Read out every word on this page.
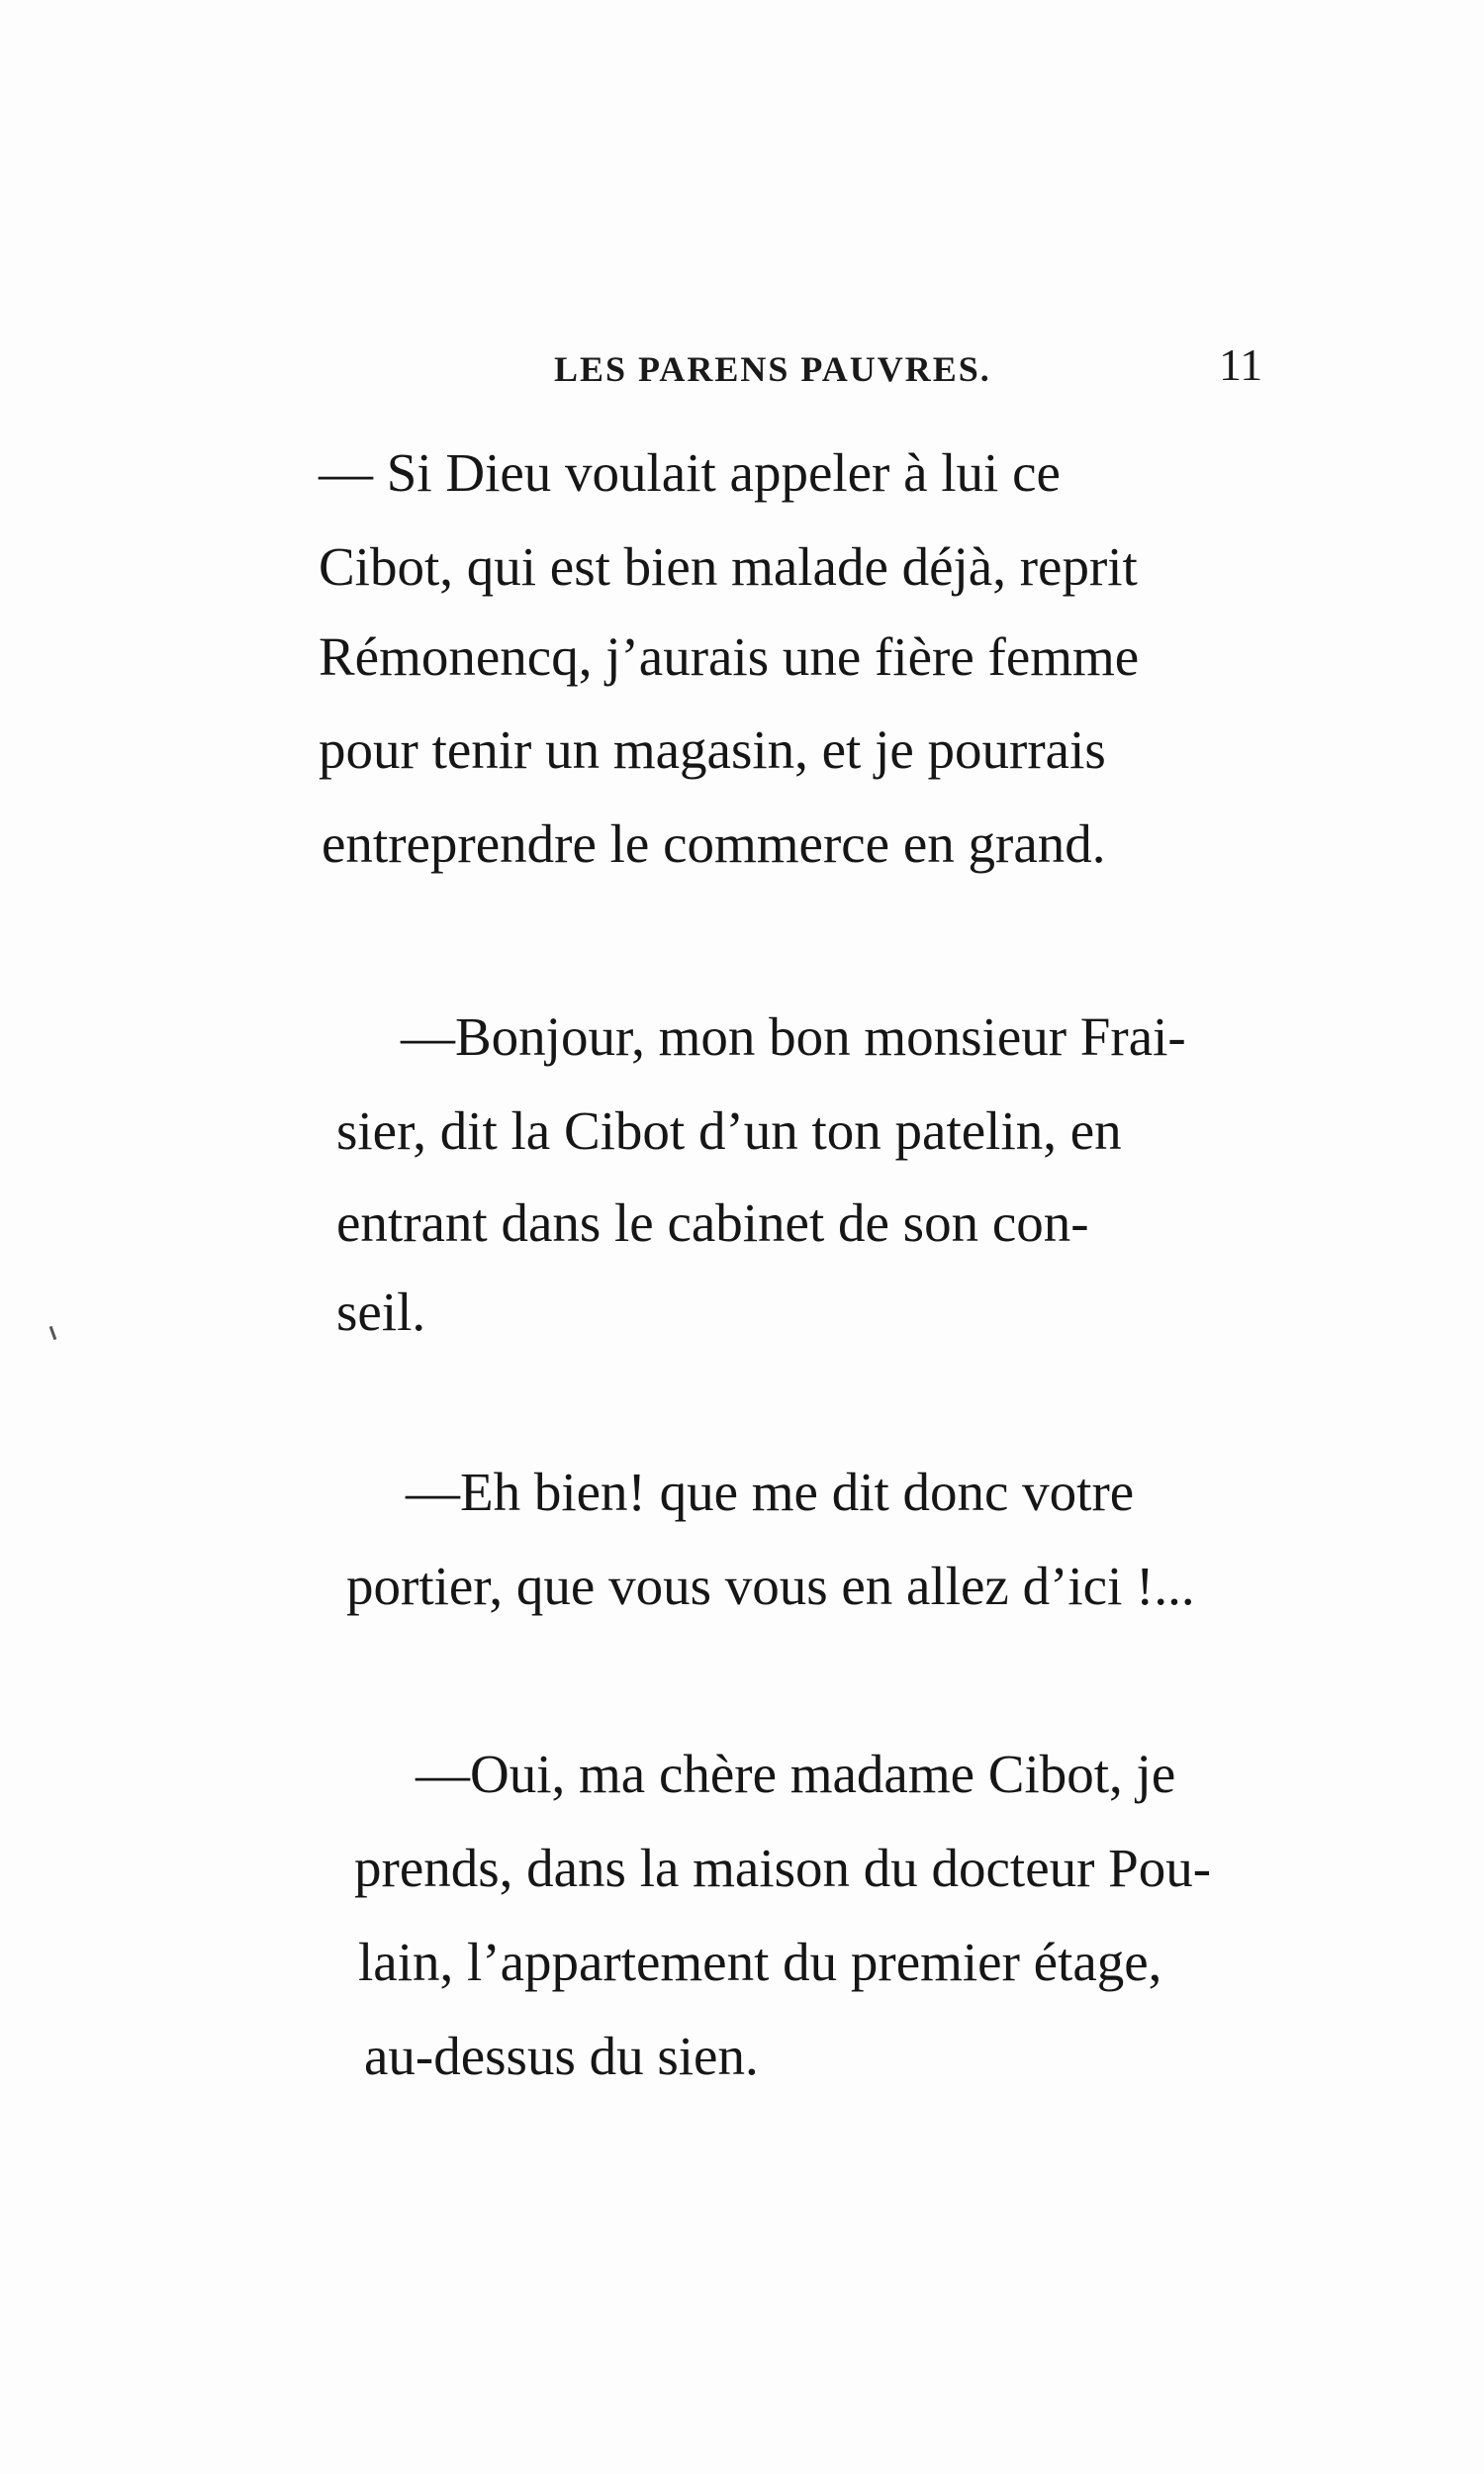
LES PARENS PAUVRES.	11
— Si Dieu voulait appeler à lui ce
Cibot, qui est bien malade déjà, reprit
Rémonencq, j’aurais une fière femme
pour tenir un magasin, et je pourrais
entreprendre le commerce en grand.
—Bonjour, mon bon monsieur Frai-
sier, dit la Cibot d’un ton patelin, en
entrant dans le cabinet de son con-
seil.
—Eh bien! que me dit donc votre
portier, que vous vous en allez d’ici !...
—Oui, ma chère madame Cibot, je
prends, dans la maison du docteur Pou-
lain, l’appartement du premier étage,
au-dessus du sien.
